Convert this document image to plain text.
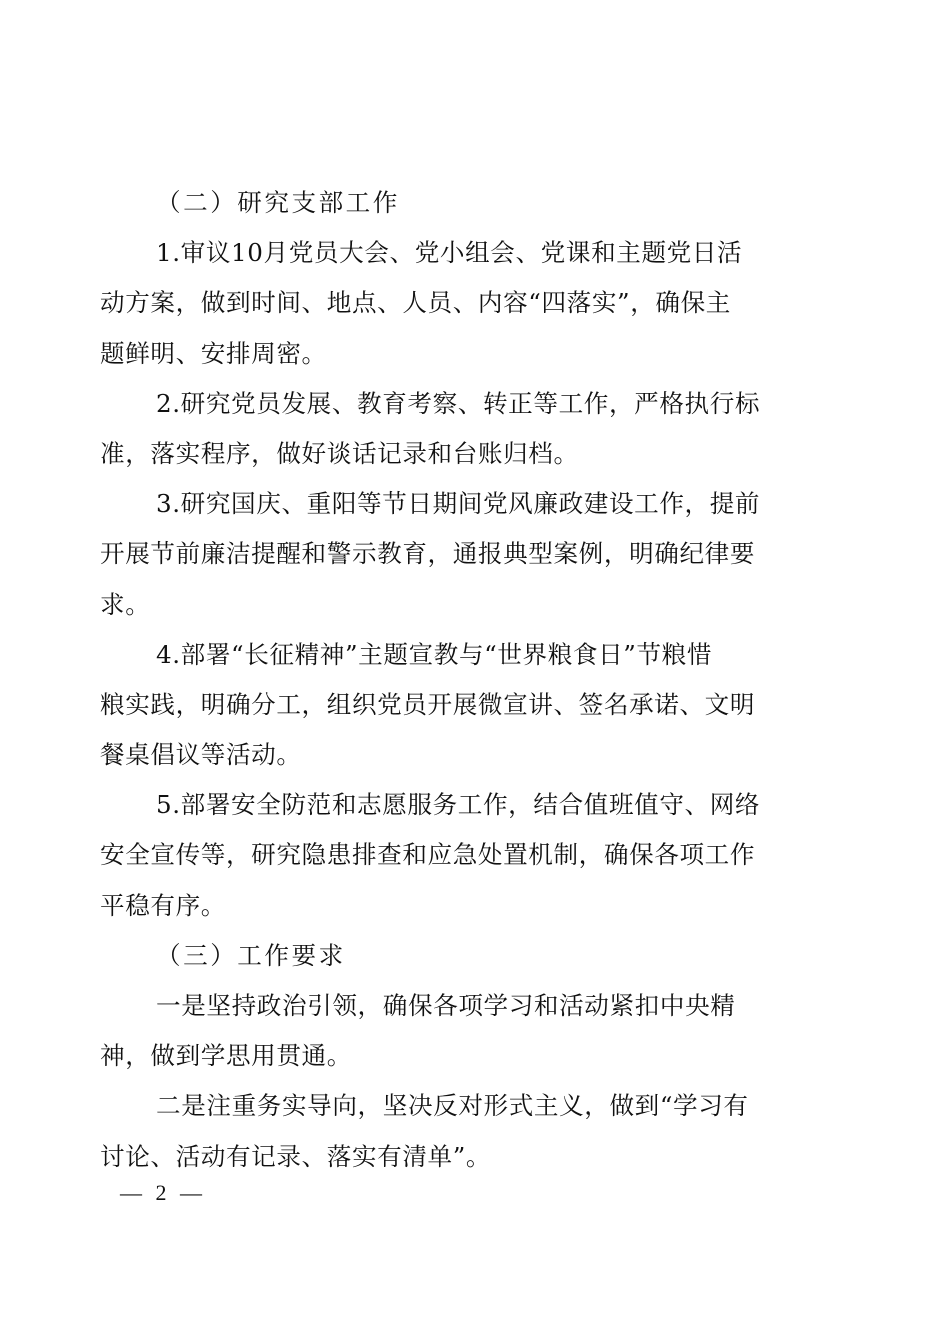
（二）研究支部工作
1.审议10月党员大会、党小组会、党课和主题党日活
动方案，做到时间、地点、人员、内容“四落实”，确保主
题鲜明、安排周密。
2.研究党员发展、教育考察、转正等工作，严格执行标
准，落实程序，做好谈话记录和台账归档。
3.研究国庆、重阳等节日期间党风廉政建设工作，提前
开展节前廉洁提醒和警示教育，通报典型案例，明确纪律要
求。
4.部署“长征精神”主题宣教与“世界粮食日”节粮惜
粮实践，明确分工，组织党员开展微宣讲、签名承诺、文明
餐桌倡议等活动。
5.部署安全防范和志愿服务工作，结合值班值守、网络
安全宣传等，研究隐患排查和应急处置机制，确保各项工作
平稳有序。
（三）工作要求
一是坚持政治引领，确保各项学习和活动紧扣中央精
神，做到学思用贯通。
二是注重务实导向，坚决反对形式主义，做到“学习有
讨论、活动有记录、落实有清单”。
— 2 —
